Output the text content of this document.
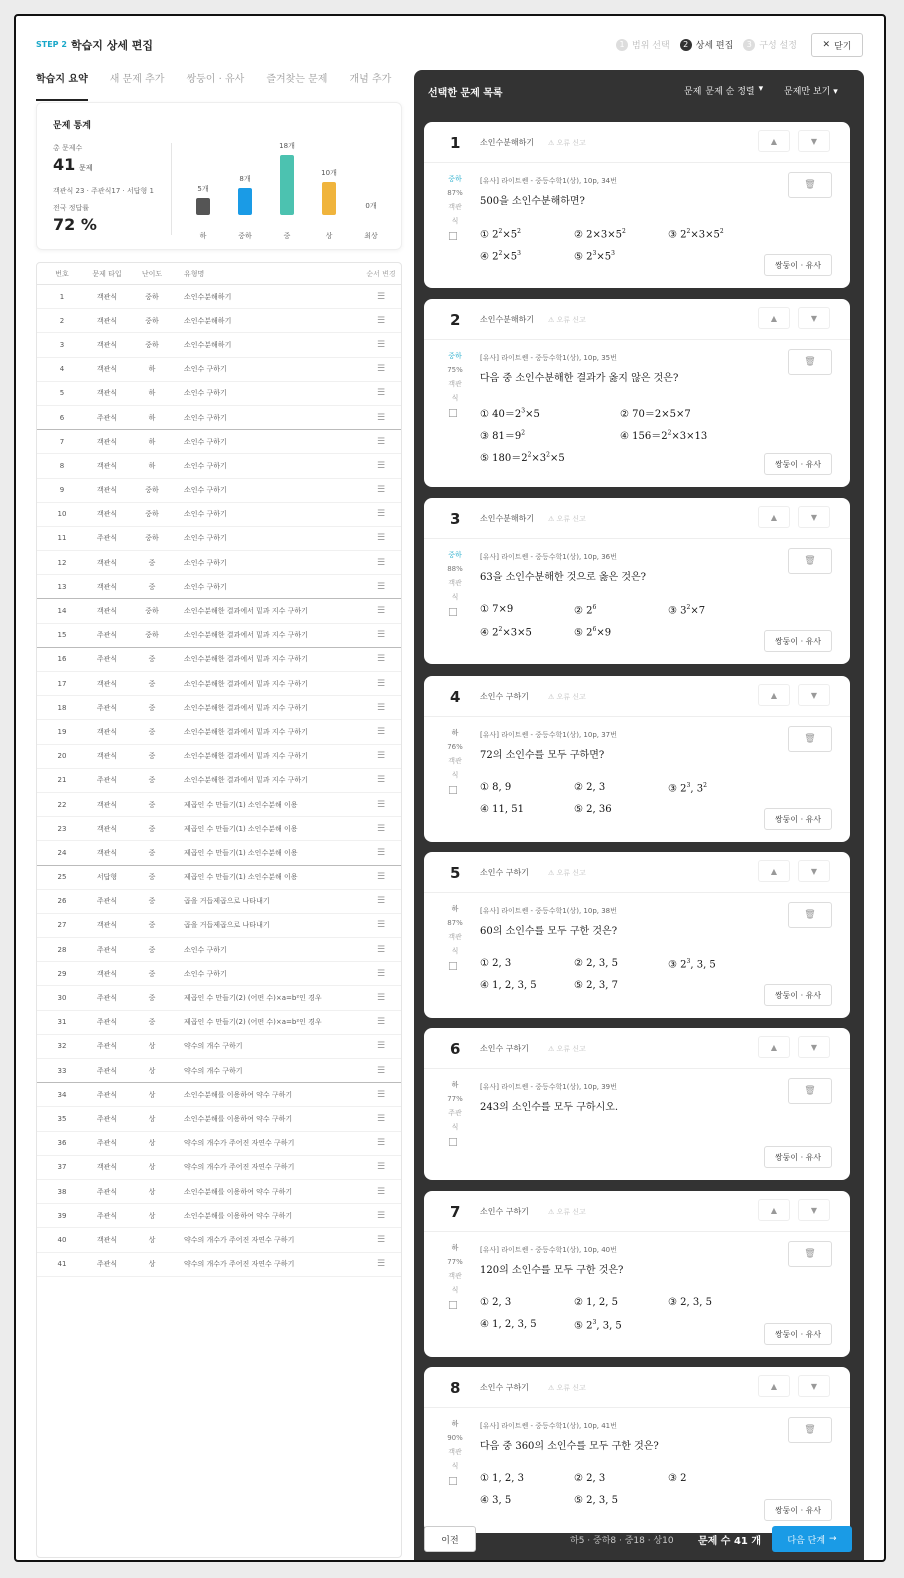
STEP 2 학습지 상세 편집	1 범위 선택	2 상세 편집	3 구성 설정	✕ 닫기
학습지 요약 새 문제 추가 쌍둥이 · 유사 즐겨찾는 문제 개념 추가
문제 통계
총 문제수
41 문제
객관식 23 · 주관식17 · 서답형 1
전국 정답률
72 %
5개
하
8개
중하
18개
중
10개
상
0개
최상
번호	문제 타입	난이도	유형명	순서 변경
1	객관식	중하	소인수분해하기	☰
2	객관식	중하	소인수분해하기	☰
3	객관식	중하	소인수분해하기	☰
4	객관식	하	소인수 구하기	☰
5	객관식	하	소인수 구하기	☰
6	주관식	하	소인수 구하기	☰
7	객관식	하	소인수 구하기	☰
8	객관식	하	소인수 구하기	☰
9	객관식	중하	소인수 구하기	☰
10	객관식	중하	소인수 구하기	☰
11	주관식	중하	소인수 구하기	☰
12	객관식	중	소인수 구하기	☰
13	객관식	중	소인수 구하기	☰
14	객관식	중하	소인수분해한 결과에서 밑과 지수 구하기	☰
15	주관식	중하	소인수분해한 결과에서 밑과 지수 구하기	☰
16	주관식	중	소인수분해한 결과에서 밑과 지수 구하기	☰
17	객관식	중	소인수분해한 결과에서 밑과 지수 구하기	☰
18	주관식	중	소인수분해한 결과에서 밑과 지수 구하기	☰
19	객관식	중	소인수분해한 결과에서 밑과 지수 구하기	☰
20	객관식	중	소인수분해한 결과에서 밑과 지수 구하기	☰
21	주관식	중	소인수분해한 결과에서 밑과 지수 구하기	☰
22	객관식	중	제곱인 수 만들기(1) 소인수분해 이용	☰
23	객관식	중	제곱인 수 만들기(1) 소인수분해 이용	☰
24	객관식	중	제곱인 수 만들기(1) 소인수분해 이용	☰
25	서답형	중	제곱인 수 만들기(1) 소인수분해 이용	☰
26	주관식	중	곱을 거듭제곱으로 나타내기	☰
27	객관식	중	곱을 거듭제곱으로 나타내기	☰
28	주관식	중	소인수 구하기	☰
29	객관식	중	소인수 구하기	☰
30	주관식	중	제곱인 수 만들기(2) (어떤 수)×a=b²인 경우	☰
31	주관식	중	제곱인 수 만들기(2) (어떤 수)×a=b²인 경우	☰
32	주관식	상	약수의 개수 구하기	☰
33	주관식	상	약수의 개수 구하기	☰
34	주관식	상	소인수분해를 이용하여 약수 구하기	☰
35	주관식	상	소인수분해를 이용하여 약수 구하기	☰
36	주관식	상	약수의 개수가 주어진 자연수 구하기	☰
37	객관식	상	약수의 개수가 주어진 자연수 구하기	☰
38	주관식	상	소인수분해를 이용하여 약수 구하기	☰
39	주관식	상	소인수분해를 이용하여 약수 구하기	☰
40	객관식	상	약수의 개수가 주어진 자연수 구하기	☰
41	주관식	상	약수의 개수가 주어진 자연수 구하기	☰
선택한 문제 목록	문제 문제 순 정렬 ▾ 문제만 보기 ▾
1 소인수분해하기 ⚠ 오류 신고	▲	▼
중하
87%
객관식
[유사] 라이트쎈 - 중등수학1(상), 10p, 34번
500을 소인수분해하면?
🗑
☐ ① $2^2\times 5^2$	② $2\times 3\times 5^2$	③ $2^2\times 3\times 5^2$
④ $2^2\times 5^3$	⑤ $2^3\times 5^3$
쌍둥이 · 유사
2 소인수분해하기 ⚠ 오류 신고	▲	▼
중하
75%
객관식
[유사] 라이트쎈 - 중등수학1(상), 10p, 35번
다음 중 소인수분해한 결과가 옳지 않은 것은?
🗑
☐ ① $40=2^3\times 5$	② 70＝2×5×7
③ $81=9^2$	④ $156=2^2\times 3\times 13$
⑤ $180=2^2\times 3^2\times 5$	쌍둥이 · 유사
3 소인수분해하기 ⚠ 오류 신고	▲	▼
중하
88%
객관식
[유사] 라이트쎈 - 중등수학1(상), 10p, 36번
63을 소인수분해한 것으로 옳은 것은?
🗑
☐ ① 7×9	② $2^6$	③ $3^2\times 7$
④ $2^2\times 3\times 5$	⑤ $2^6\times 9$
쌍둥이 · 유사
4 소인수 구하기	⚠ 오류 신고	▲	▼
하
76%
객관식
[유사] 라이트쎈 - 중등수학1(상), 10p, 37번
72의 소인수를 모두 구하면?
🗑
☐ ① 8, 9	② 2, 3	③ $2^3$, $3^2$
④ 11, 51	⑤ 2, 36
쌍둥이 · 유사
5 소인수 구하기	⚠ 오류 신고	▲	▼
하
87%
객관식
[유사] 라이트쎈 - 중등수학1(상), 10p, 38번
60의 소인수를 모두 구한 것은?
🗑
☐ ① 2, 3	② 2, 3, 5	③ $2^3$, 3, 5
④ 1, 2, 3, 5	⑤ 2, 3, 7
쌍둥이 · 유사
6 소인수 구하기	⚠ 오류 신고	▲	▼
하
77%
주관식
[유사] 라이트쎈 - 중등수학1(상), 10p, 39번
243의 소인수를 모두 구하시오.
🗑
☐
쌍둥이 · 유사
7 소인수 구하기	⚠ 오류 신고	▲	▼
하
77%
객관식
[유사] 라이트쎈 - 중등수학1(상), 10p, 40번
120의 소인수를 모두 구한 것은?
🗑
☐ ① 2, 3	② 1, 2, 5	③ 2, 3, 5
④ 1, 2, 3, 5	⑤ $2^3$, 3, 5
쌍둥이 · 유사
8 소인수 구하기	⚠ 오류 신고	▲	▼
하
90%
객관식
[유사] 라이트쎈 - 중등수학1(상), 10p, 41번
다음 중 360의 소인수를 모두 구한 것은?
🗑
☐ ① 1, 2, 3	② 2, 3	③ 2
④ 3, 5	⑤ 2, 3, 5
쌍둥이 · 유사
이전	하5 · 중하8 · 중18 · 상10 문제 수 41 개	다음 단계 →
